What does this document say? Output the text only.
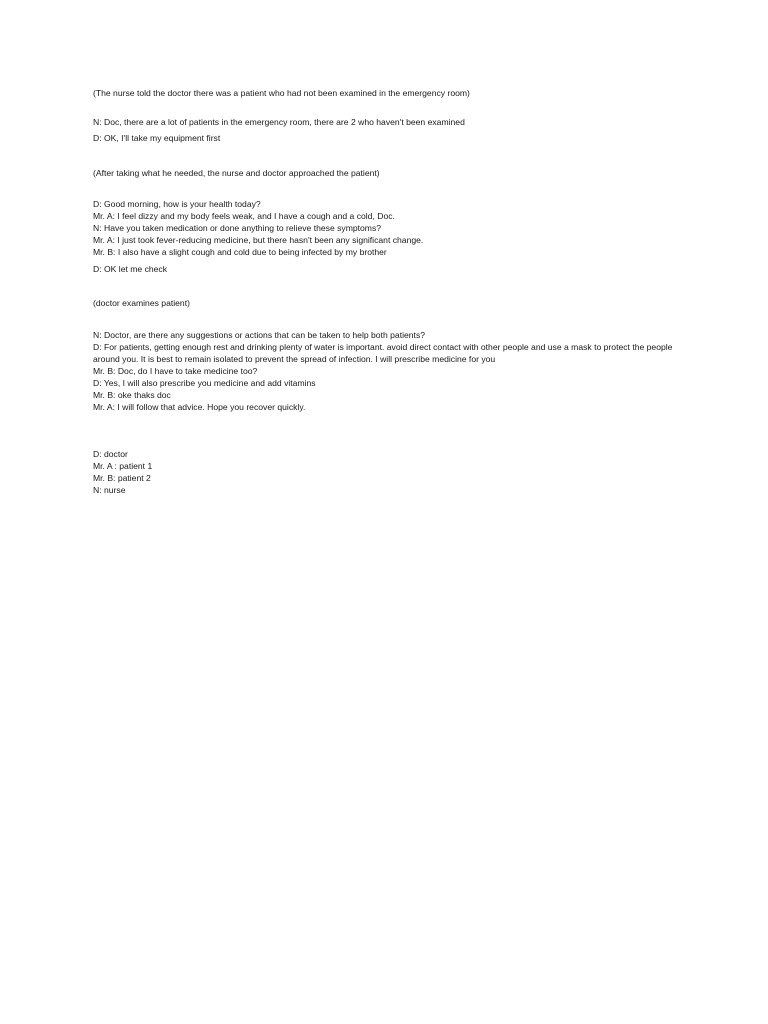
(The nurse told the doctor there was a patient who had not been examined in the emergency room)
N: Doc, there are a lot of patients in the emergency room, there are 2 who haven't been examined
D: OK, I'll take my equipment first
(After taking what he needed, the nurse and doctor approached the patient)
D: Good morning, how is your health today?
Mr. A: I feel dizzy and my body feels weak, and I have a cough and a cold, Doc.
N: Have you taken medication or done anything to relieve these symptoms?
Mr. A: I just took fever-reducing medicine, but there hasn't been any significant change.
Mr. B: I also have a slight cough and cold due to being infected by my brother
D: OK let me check
(doctor examines patient)
N: Doctor, are there any suggestions or actions that can be taken to help both patients?
D: For patients, getting enough rest and drinking plenty of water is important. avoid direct contact with other people and use a mask to protect the people around you. It is best to remain isolated to prevent the spread of infection. I will prescribe medicine for you
Mr. B: Doc, do I have to take medicine too?
D: Yes, I will also prescribe you medicine and add vitamins
Mr. B: oke thaks doc
Mr. A: I will follow that advice. Hope you recover quickly.
D: doctor
Mr. A : patient 1
Mr. B: patient 2
N: nurse
